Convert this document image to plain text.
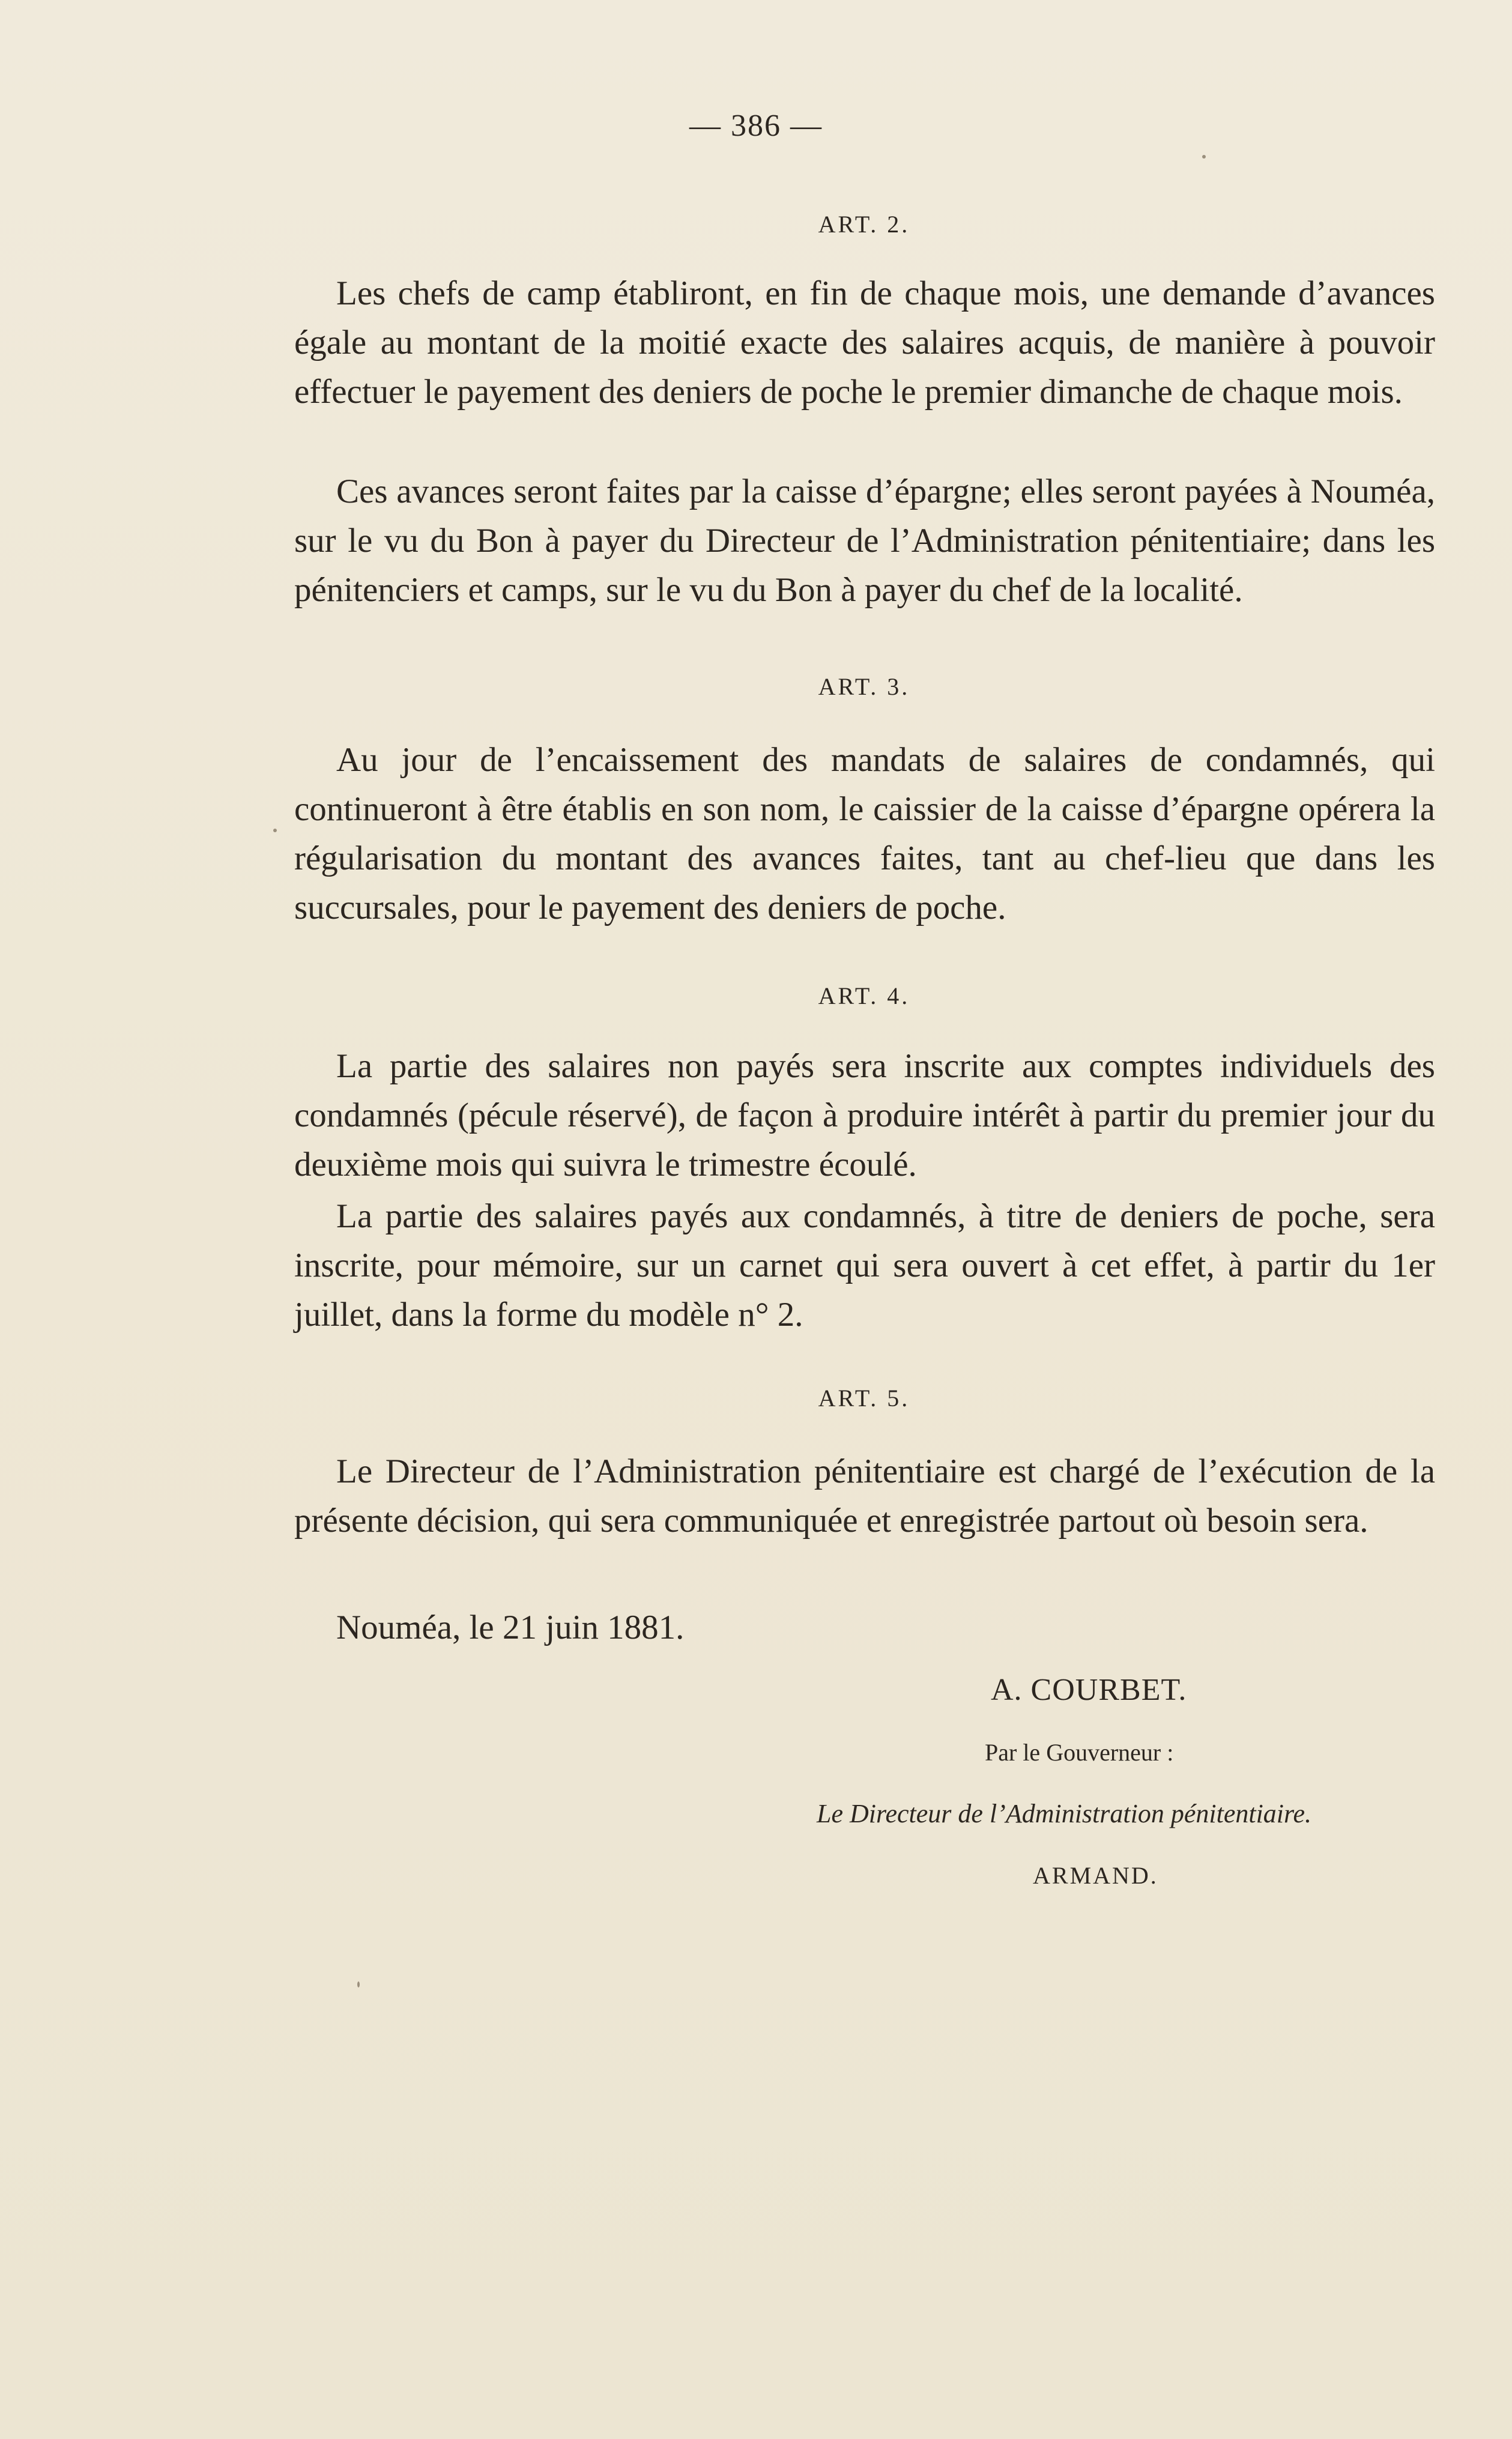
— 386 —
ART. 2.

Les chefs de camp établiront, en fin de chaque mois, une demande d’avances égale au montant de la moitié exacte des salaires acquis, de manière à pouvoir effectuer le payement des deniers de poche le premier dimanche de chaque mois.

Ces avances seront faites par la caisse d’épargne; elles seront payées à Nouméa, sur le vu du Bon à payer du Directeur de l’Administration pénitentiaire; dans les pénitenciers et camps, sur le vu du Bon à payer du chef de la localité.

ART. 3.

Au jour de l’encaissement des mandats de salaires de condamnés, qui continueront à être établis en son nom, le caissier de la caisse d’épargne opérera la régularisation du montant des avances faites, tant au chef-lieu que dans les succursales, pour le payement des deniers de poche.

ART. 4.

La partie des salaires non payés sera inscrite aux comptes individuels des condamnés (pécule réservé), de façon à produire intérêt à partir du premier jour du deuxième mois qui suivra le trimestre écoulé.

La partie des salaires payés aux condamnés, à titre de deniers de poche, sera inscrite, pour mémoire, sur un carnet qui sera ouvert à cet effet, à partir du 1er juillet, dans la forme du modèle n° 2.

ART. 5.

Le Directeur de l’Administration pénitentiaire est chargé de l’exécution de la présente décision, qui sera communiquée et enregistrée partout où besoin sera.

Nouméa, le 21 juin 1881.

A. COURBET.
Par le Gouverneur :
Le Directeur de l’Administration pénitentiaire.
ARMAND.
